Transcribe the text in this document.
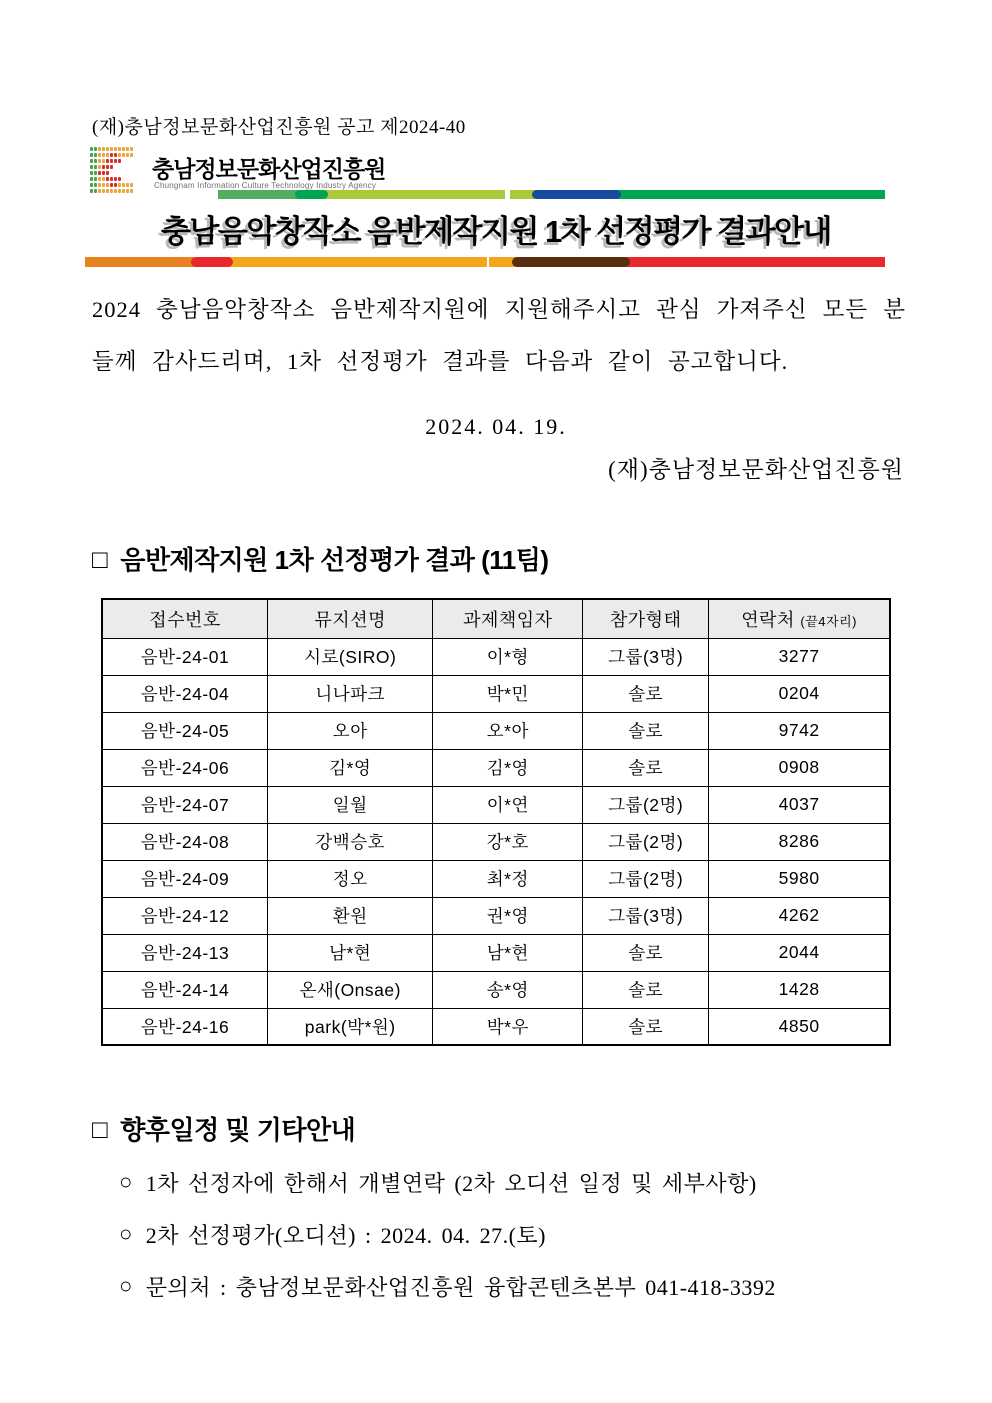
(재)충남정보문화산업진흥원 공고 제2024-40
충남정보문화산업진흥원
Chungnam Information Culture Technology Industry Agency
충남음악창작소 음반제작지원 1차 선정평가 결과안내
2024 충남음악창작소 음반제작지원에 지원해주시고 관심 가져주신 모든 분들께 감사드리며, 1차 선정평가 결과를 다음과 같이 공고합니다.
2024. 04. 19.
(재)충남정보문화산업진흥원
□ 음반제작지원 1차 선정평가 결과 (11팀)
접수번호	뮤지션명	과제책임자	참가형태	연락처 (끝4자리)
음반-24-01	시로(SIRO)	이*형	그룹(3명)	3277
음반-24-04	니나파크	박*민	솔로	0204
음반-24-05	오아	오*아	솔로	9742
음반-24-06	김*영	김*영	솔로	0908
음반-24-07	일월	이*연	그룹(2명)	4037
음반-24-08	강백승호	강*호	그룹(2명)	8286
음반-24-09	정오	최*정	그룹(2명)	5980
음반-24-12	환원	권*영	그룹(3명)	4262
음반-24-13	남*현	남*현	솔로	2044
음반-24-14	온새(Onsae)	송*영	솔로	1428
음반-24-16	park(박*원)	박*우	솔로	4850
□ 향후일정 및 기타안내
○ 1차 선정자에 한해서 개별연락 (2차 오디션 일정 및 세부사항)
○ 2차 선정평가(오디션) : 2024. 04. 27.(토)
○ 문의처 : 충남정보문화산업진흥원 융합콘텐츠본부 041-418-3392
